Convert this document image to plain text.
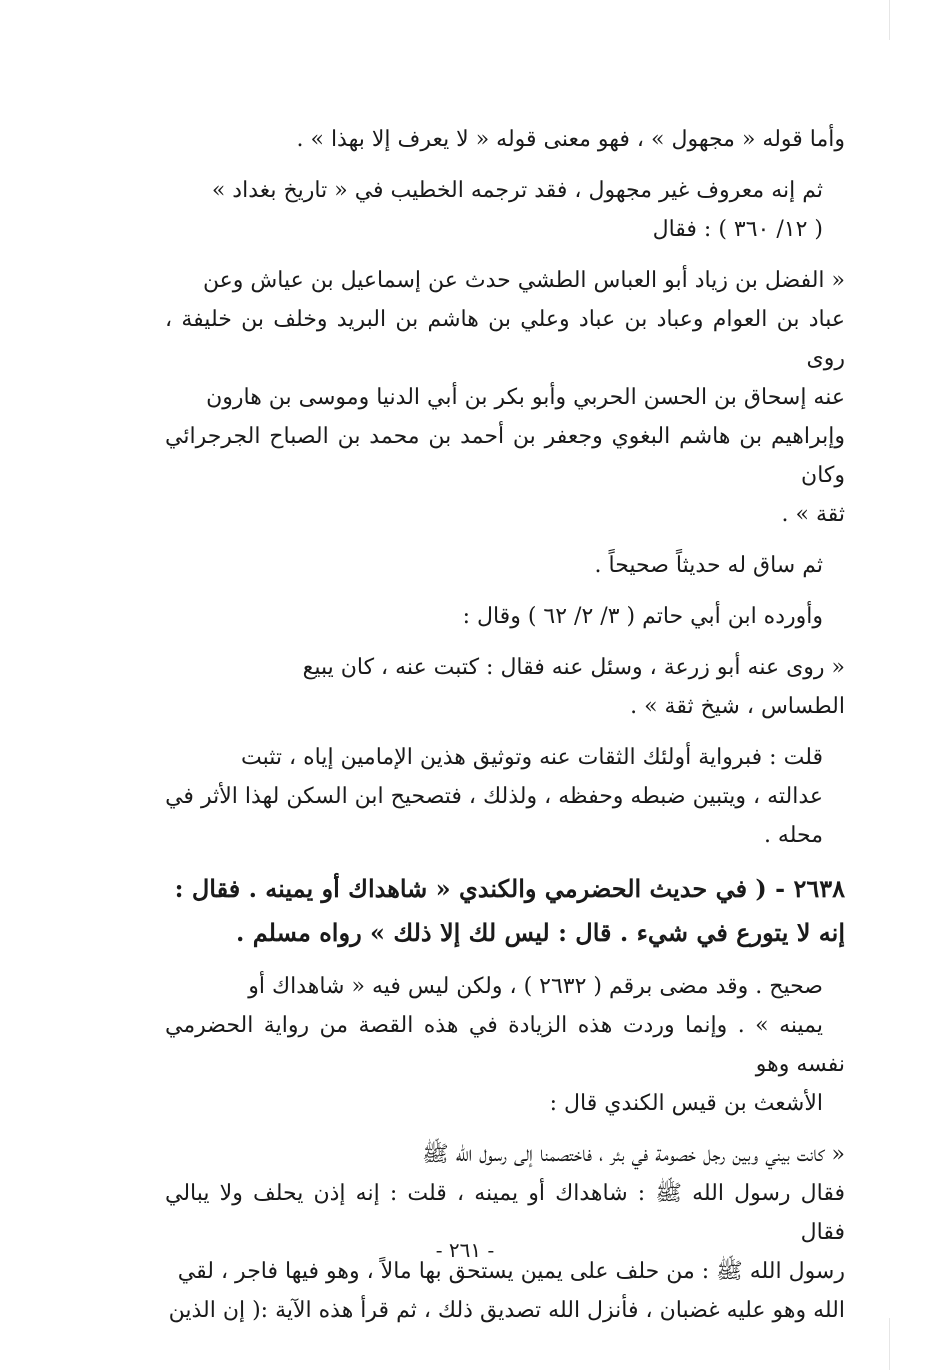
وأما قوله « مجهول » ، فهو معنى قوله « لا يعرف إلا بهذا » .
ثم إنه معروف غير مجهول ، فقد ترجمه الخطيب في « تاريخ بغداد »
( ١٢/ ٣٦٠ ) : فقال
« الفضل بن زياد أبو العباس الطشي حدث عن إسماعيل بن عياش وعن
عباد بن العوام وعباد بن عباد وعلي بن هاشم بن البريد وخلف بن خليفة ، روى
عنه إسحاق بن الحسن الحربي وأبو بكر بن أبي الدنيا وموسى بن هارون
وإبراهيم بن هاشم البغوي وجعفر بن أحمد بن محمد بن الصباح الجرجرائي وكان
ثقة » .
ثم ساق له حديثاً صحيحاً .
وأورده ابن أبي حاتم ( ٣/ ٢/ ٦٢ ) وقال :
« روى عنه أبو زرعة ، وسئل عنه فقال : كتبت عنه ، كان يبيع
الطساس ، شيخ ثقة » .
قلت : فبرواية أولئك الثقات عنه وتوثيق هذين الإمامين إياه ، تثبت
عدالته ، ويتبين ضبطه وحفظه ، ولذلك ، فتصحيح ابن السكن لهذا الأثر في
محله .
٢٦٣٨ - ( في حديث الحضرمي والكندي « شاهداك أو يمينه . فقال :
إنه لا يتورع في شيء . قال : ليس لك إلا ذلك » رواه مسلم .
صحيح . وقد مضى برقم ( ٢٦٣٢ ) ، ولكن ليس فيه « شاهداك أو
يمينه » . وإنما وردت هذه الزيادة في هذه القصة من رواية الحضرمي نفسه وهو
الأشعث بن قيس الكندي قال :
« كانت بيني وبين رجل خصومة في بئر ، فاختصمنا إلى رسول الله ﷺ
فقال رسول الله ﷺ : شاهداك أو يمينه ، قلت : إنه إذن يحلف ولا يبالي فقال
رسول الله ﷺ : من حلف على يمين يستحق بها مالاً ، وهو فيها فاجر ، لقي
الله وهو عليه غضبان ، فأنزل الله تصديق ذلك ، ثم قرأ هذه الآية :( إن الذين
- ٢٦١ -
